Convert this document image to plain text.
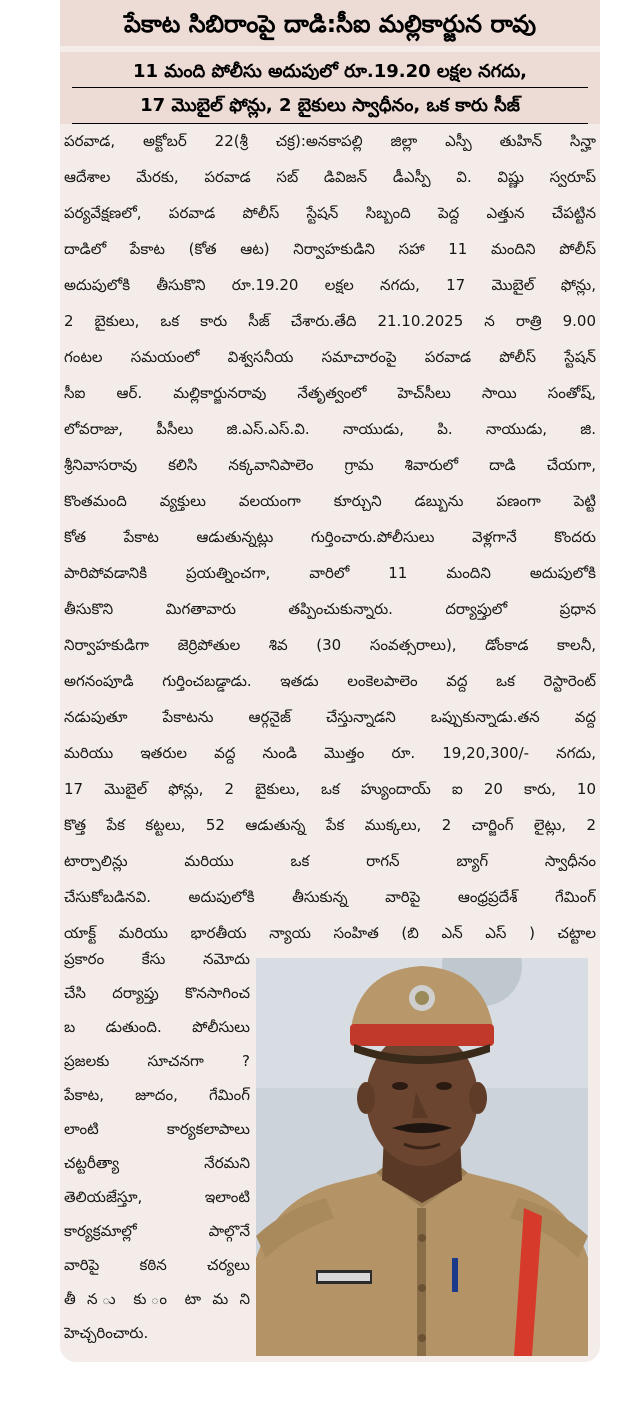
పేకాట సిబిరాంపై దాడి:సీఐ మల్లికార్జున రావు
11 మంది పోలీసు అదుపులో రూ.19.20 లక్షల నగదు,
17 మొబైల్ ఫోన్లు, 2 బైకులు స్వాధీనం, ఒక కారు సీజ్
పరవాడ, అక్టోబర్ 22(శ్రీ చక్ర):అనకాపల్లి జిల్లా ఎస్పీ తుహిన్ సిన్హా
ఆదేశాల మేరకు, పరవాడ సబ్ డివిజన్ డీఎస్పీ వి. విష్ణు స్వరూప్
పర్యవేక్షణలో, పరవాడ పోలీస్ స్టేషన్ సిబ్బంది పెద్ద ఎత్తున చేపట్టిన
దాడిలో పేకాట (కోత ఆట) నిర్వాహకుడిని సహా 11 మందిని పోలీస్
అదుపులోకి తీసుకొని రూ.19.20 లక్షల నగదు, 17 మొబైల్ ఫోన్లు,
2 బైకులు, ఒక కారు సీజ్ చేశారు.తేది 21.10.2025 న రాత్రి 9.00
గంటల సమయంలో విశ్వసనీయ సమాచారంపై పరవాడ పోలీస్ స్టేషన్
సీఐ ఆర్. మల్లికార్జునరావు నేతృత్వంలో హెచ్‌సీలు సాయి సంతోష్,
లోవరాజు, పీసీలు జి.ఎస్.ఎస్.వి. నాయుడు, పి. నాయుడు, జి.
శ్రీనివాసరావు కలిసి నక్కవానిపాలెం గ్రామ శివారులో దాడి చేయగా,
కొంతమంది వ్యక్తులు వలయంగా కూర్చుని డబ్బును పణంగా పెట్టి
కోత పేకాట ఆడుతున్నట్లు గుర్తించారు.పోలీసులు వెళ్లగానే కొందరు
పారిపోవడానికి ప్రయత్నించగా, వారిలో 11 మందిని అదుపులోకి
తీసుకొని మిగతావారు తప్పించుకున్నారు. దర్యాప్తులో ప్రధాన
నిర్వాహకుడిగా జెర్రిపోతుల శివ (30 సంవత్సరాలు), డోంకాడ కాలనీ,
అగనంపూడి గుర్తించబడ్డాడు. ఇతడు లంకెలపాలెం వద్ద ఒక రెస్టారెంట్
నడుపుతూ పేకాటను ఆర్గనైజ్ చేస్తున్నాడని ఒప్పుకున్నాడు.తన వద్ద
మరియు ఇతరుల వద్ద నుండి మొత్తం రూ. 19,20,300/- నగదు,
17 మొబైల్ ఫోన్లు, 2 బైకులు, ఒక హ్యుందాయ్ ఐ 20 కారు, 10
కొత్త పేక కట్టలు, 52 ఆడుతున్న పేక ముక్కలు, 2 చార్జింగ్ లైట్లు, 2
టార్పాలిన్లు మరియు ఒక రాగన్ బ్యాగ్ స్వాధీనం
చేసుకోబడినవి. అదుపులోకి తీసుకున్న వారిపై ఆంధ్రప్రదేశ్ గేమింగ్
యాక్ట్ మరియు భారతీయ న్యాయ సంహిత (బి ఎన్ ఎస్ ) చట్టాల
ప్రకారం కేసు నమోదు
చేసి దర్యాప్తు కొనసాగించ
బ డుతుంది. పోలీసులు
ప్రజలకు సూచనగా ?
పేకాట, జూదం, గేమింగ్
లాంటి కార్యకలాపాలు
చట్టరీత్యా నేరమని
తెలియజేస్తూ, ఇలాంటి
కార్యక్రమాల్లో పాల్గొనే
వారిపై కఠిన చర్యలు
తీ న ు కు ం టా మ ని
హెచ్చరించారు.
